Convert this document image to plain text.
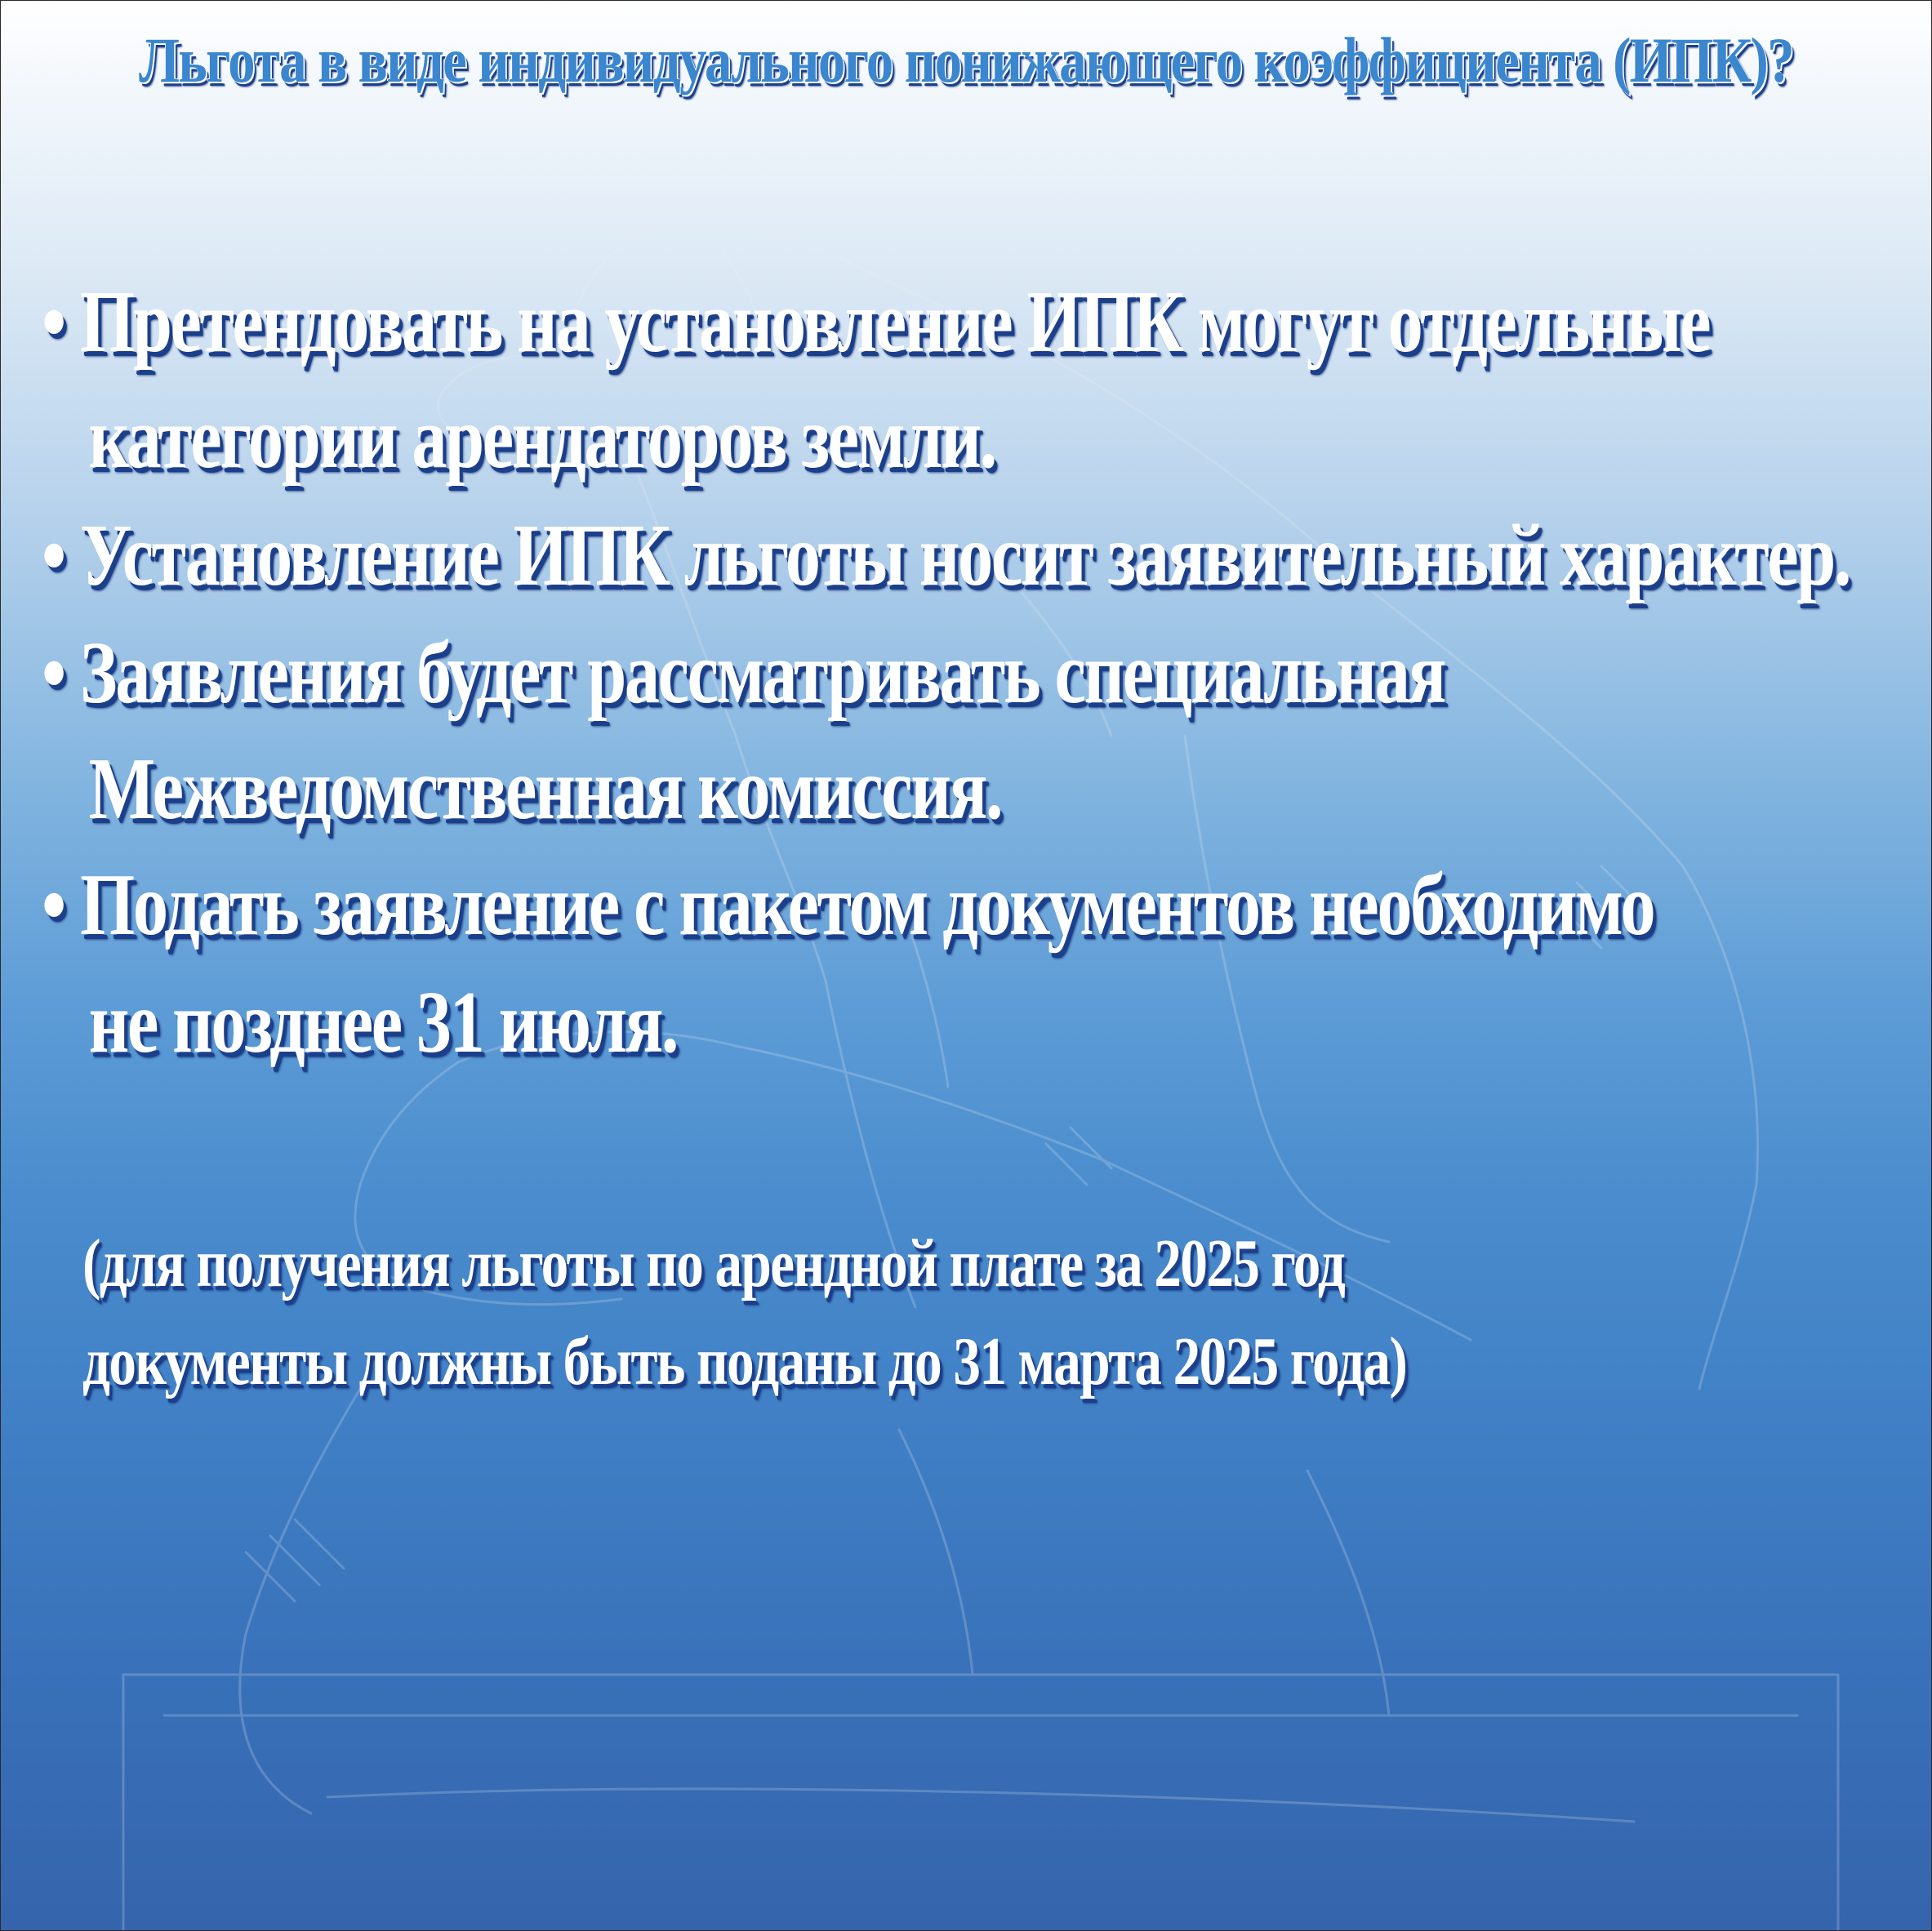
Льгота в виде индивидуального понижающего коэффициента (ИПК)?
• Претендовать на установление ИПК могут отдельные
категории арендаторов земли.
• Установление ИПК льготы носит заявительный характер.
• Заявления будет рассматривать специальная
Межведомственная комиссия.
• Подать заявление с пакетом документов необходимо
не позднее 31 июля.
(для получения льготы по арендной плате за 2025 год
документы должны быть поданы до 31 марта 2025 года)
